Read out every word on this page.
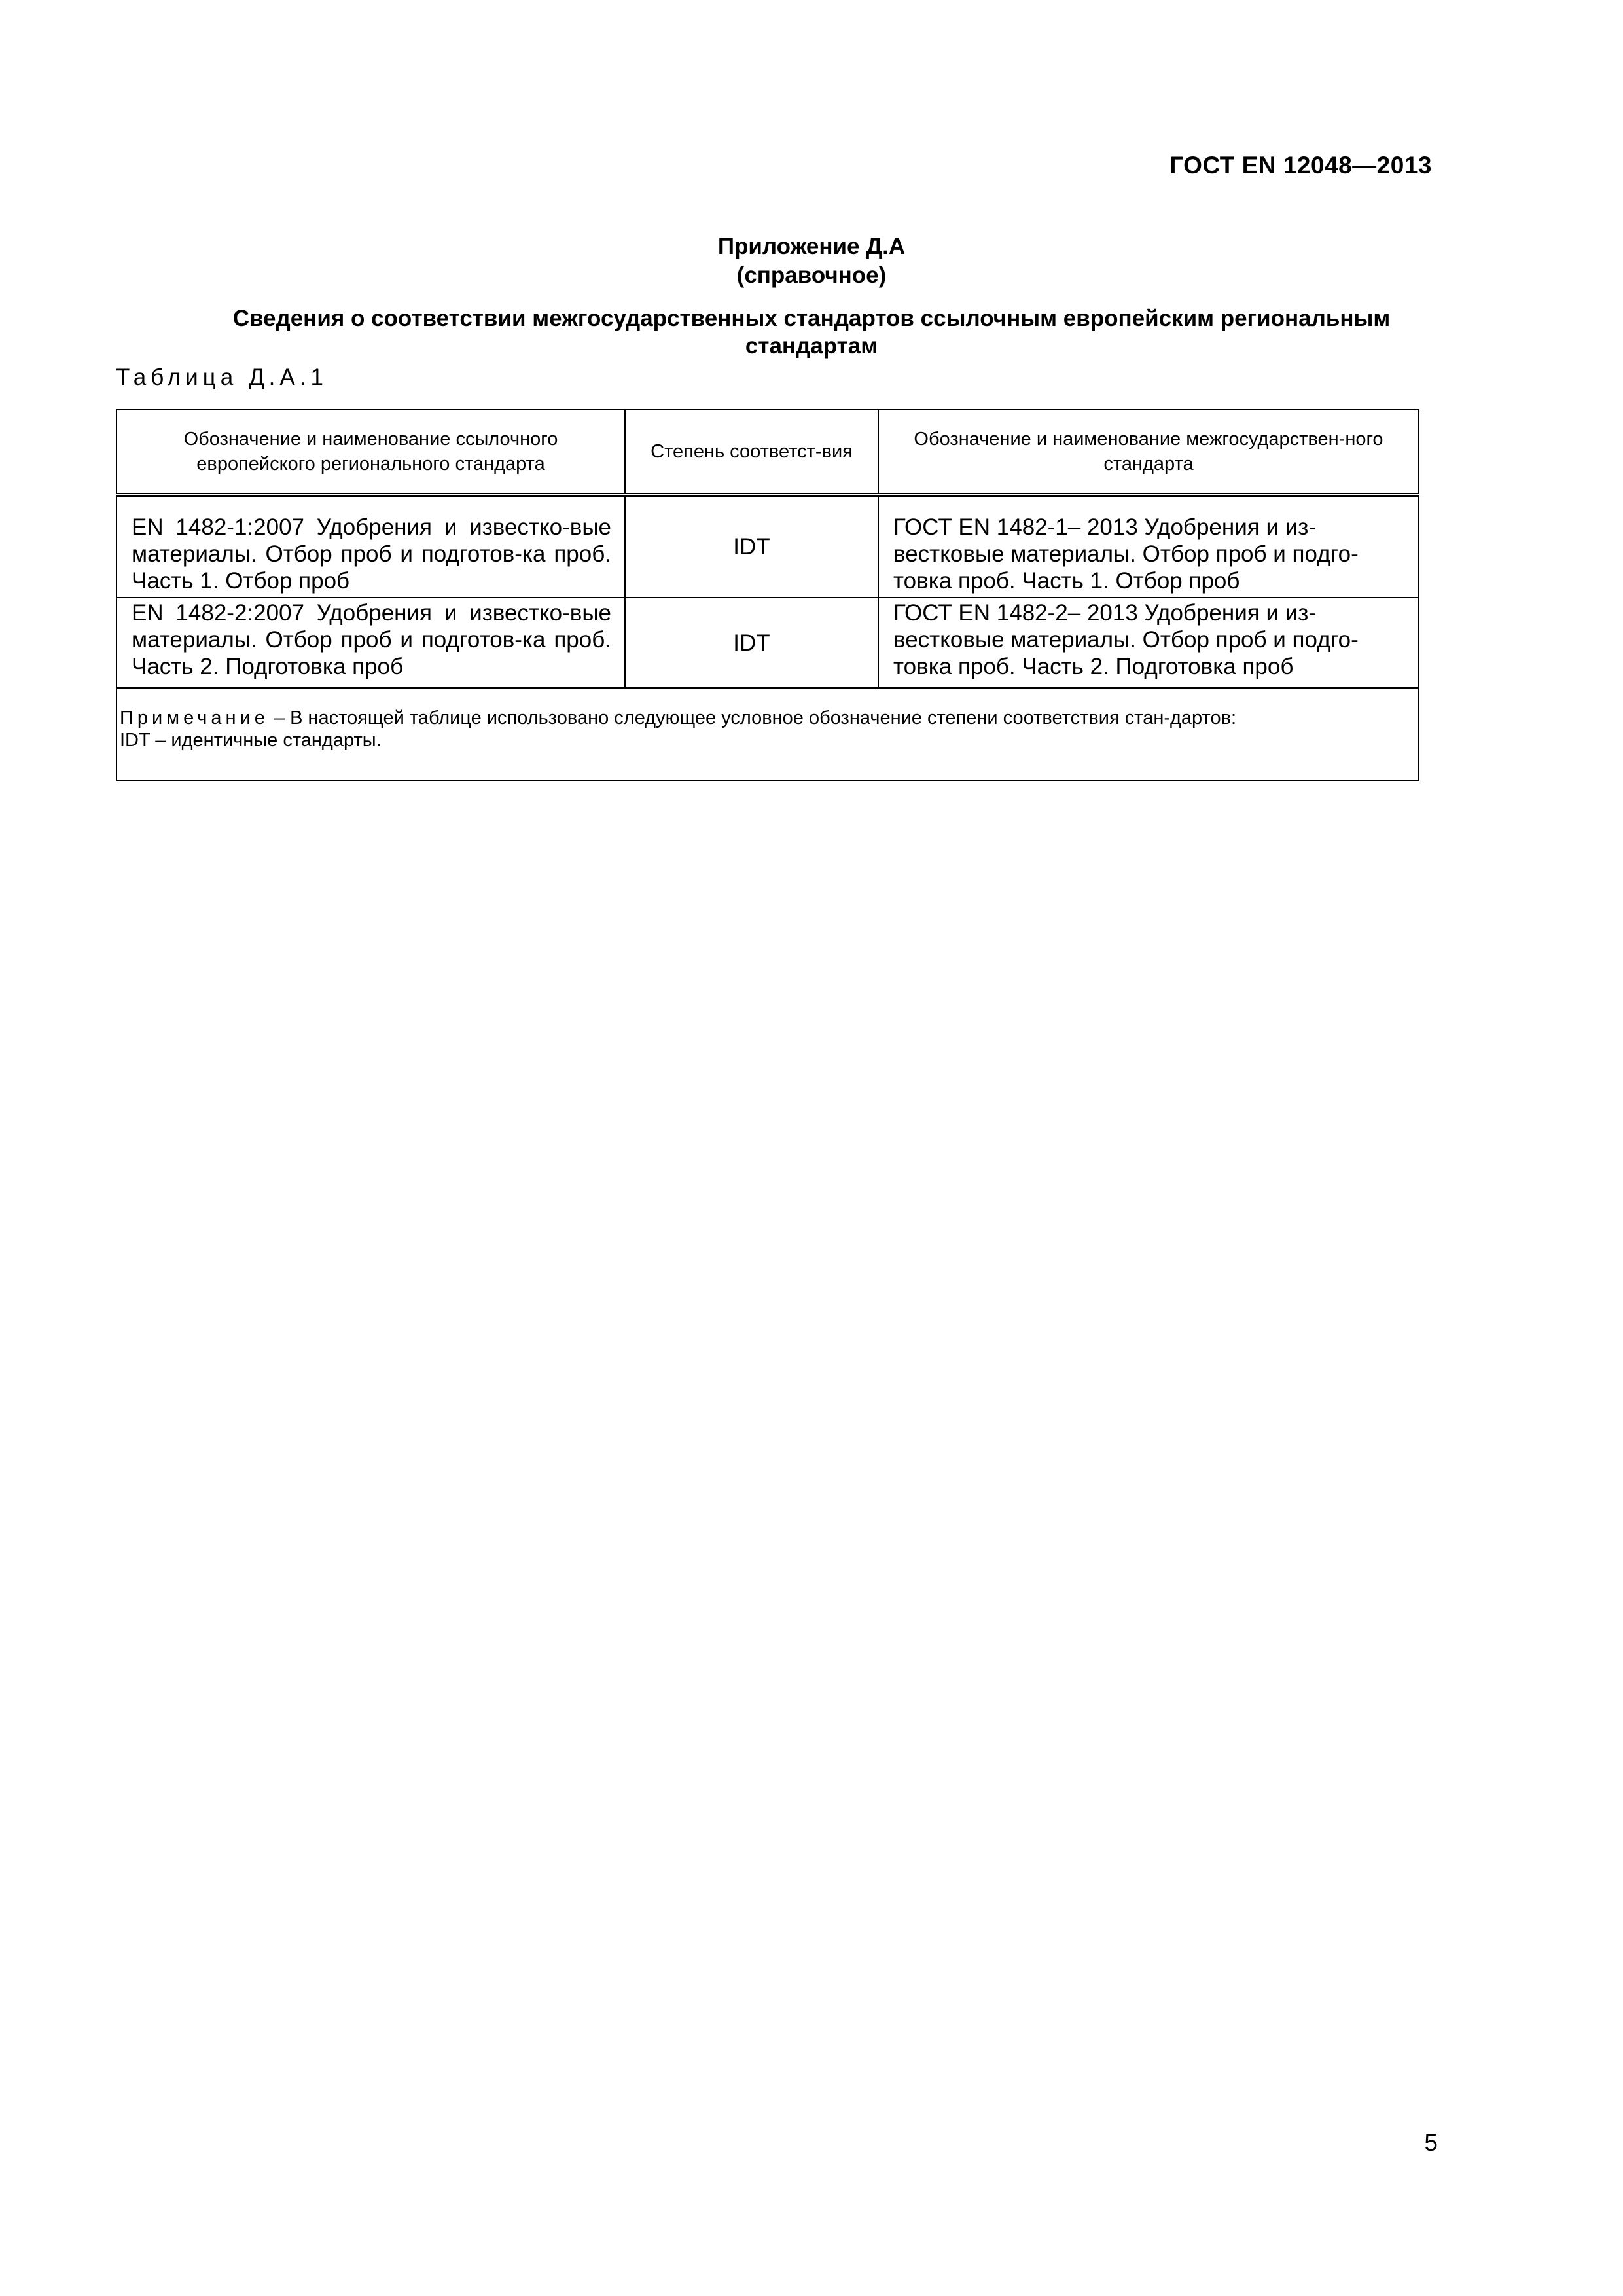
ГОСТ EN 12048—2013
Приложение Д.А
(справочное)
Сведения о соответствии межгосударственных стандартов ссылочным европейским региональным стандартам
Таблица Д.А.1
Обозначение и наименование ссылочного европейского регионального стандарта	Степень соответст-вия	Обозначение и наименование межгосударствен-ного стандарта
EN 1482-1:2007 Удобрения и известко-вые материалы. Отбор проб и подготов-ка проб. Часть 1. Отбор проб	IDT	ГОСТ EN 1482-1– 2013 Удобрения и из-вестковые материалы. Отбор проб и подго-товка проб. Часть 1. Отбор проб
EN 1482-2:2007 Удобрения и известко-вые материалы. Отбор проб и подготов-ка проб. Часть 2. Подготовка проб	IDT	ГОСТ EN 1482-2– 2013 Удобрения и из-вестковые материалы. Отбор проб и подго-товка проб. Часть 2. Подготовка проб
Примечание – В настоящей таблице использовано следующее условное обозначение степени соответствия стан-дартов:
IDT – идентичные стандарты.		
5
